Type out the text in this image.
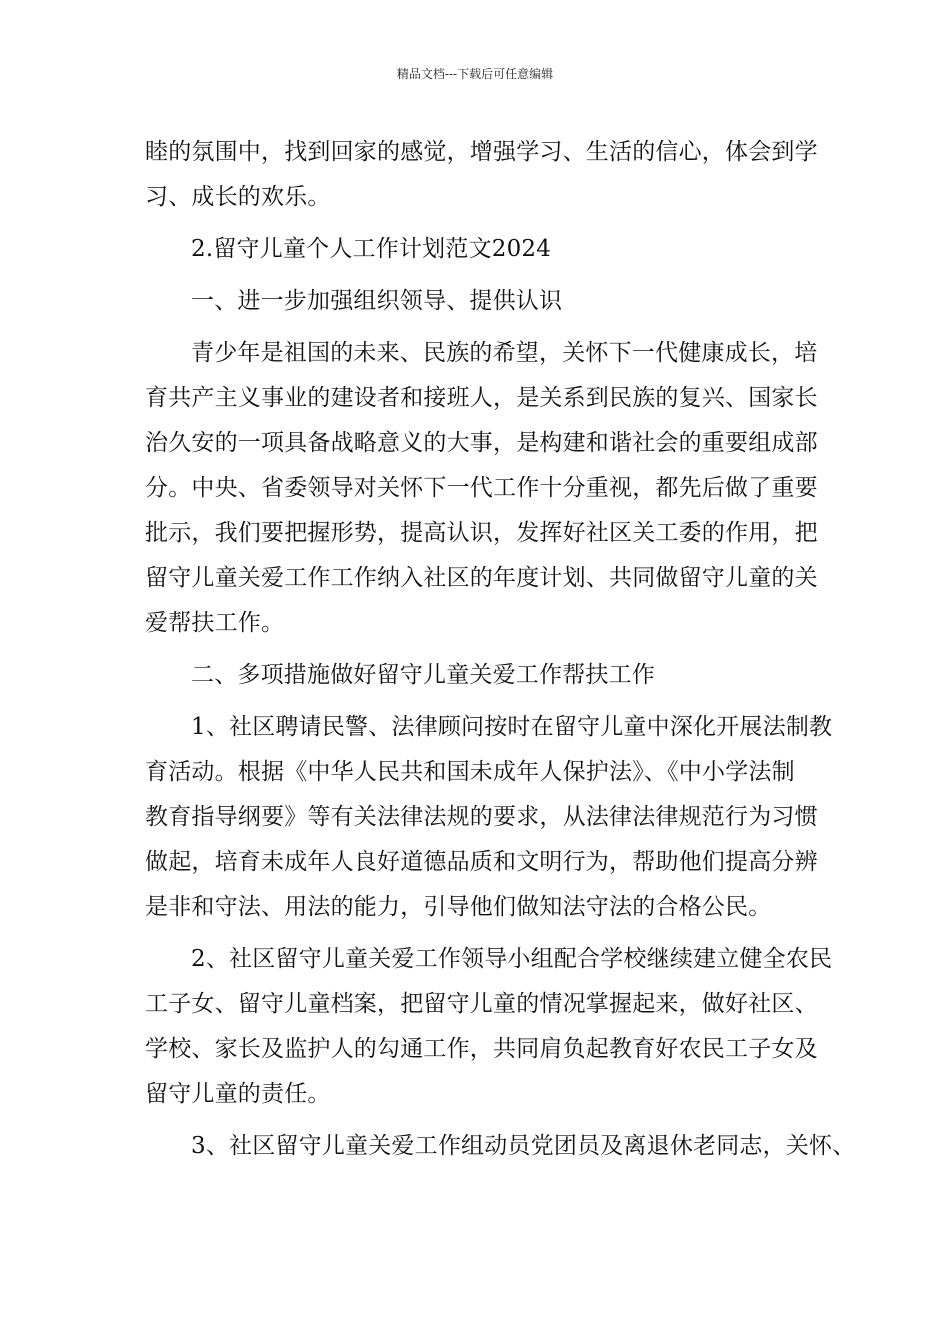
精品文档---下载后可任意编辑

睦的氛围中，找到回家的感觉，增强学习、生活的信心，体会到学

习、成长的欢乐。

2.留守儿童个人工作计划范文2024

一、进一步加强组织领导、提供认识

青少年是祖国的未来、民族的希望，关怀下一代健康成长，培

育共产主义事业的建设者和接班人，是关系到民族的复兴、国家长

治久安的一项具备战略意义的大事，是构建和谐社会的重要组成部

分。中央、省委领导对关怀下一代工作十分重视，都先后做了重要

批示，我们要把握形势，提高认识，发挥好社区关工委的作用，把

留守儿童关爱工作工作纳入社区的年度计划、共同做留守儿童的关

爱帮扶工作。

二、多项措施做好留守儿童关爱工作帮扶工作

1、社区聘请民警、法律顾问按时在留守儿童中深化开展法制教

育活动。根据《中华人民共和国未成年人保护法》、《中小学法制

教育指导纲要》等有关法律法规的要求，从法律法律规范行为习惯

做起，培育未成年人良好道德品质和文明行为，帮助他们提高分辨

是非和守法、用法的能力，引导他们做知法守法的合格公民。

2、社区留守儿童关爱工作领导小组配合学校继续建立健全农民

工子女、留守儿童档案，把留守儿童的情况掌握起来，做好社区、

学校、家长及监护人的勾通工作，共同肩负起教育好农民工子女及

留守儿童的责任。

3、社区留守儿童关爱工作组动员党团员及离退休老同志，关怀、
